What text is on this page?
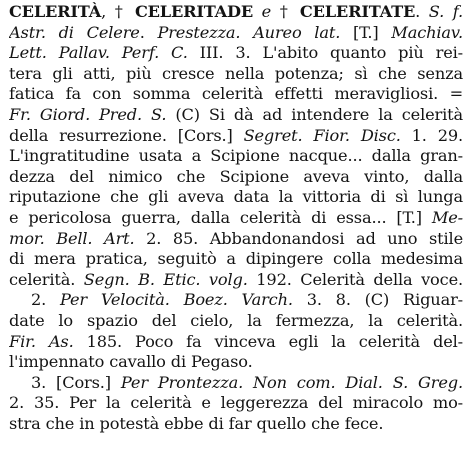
CELERITÀ, † CELERITADE e † CELERITATE. S. f.
Astr. di Celere. Prestezza. Aureo lat. [T.] Machiav.
Lett. Pallav. Perf. C. III. 3. L'abito quanto più rei-
tera gli atti, più cresce nella potenza; sì che senza
fatica fa con somma celerità effetti meravigliosi. =
Fr. Giord. Pred. S. (C) Si dà ad intendere la celerità
della resurrezione. [Cors.] Segret. Fior. Disc. 1. 29.
L'ingratitudine usata a Scipione nacque... dalla gran-
dezza del nimico che Scipione aveva vinto, dalla
riputazione che gli aveva data la vittoria di sì lunga
e pericolosa guerra, dalla celerità di essa... [T.] Me-
mor. Bell. Art. 2. 85. Abbandonandosi ad uno stile
di mera pratica, seguitò a dipingere colla medesima
celerità. Segn. B. Etic. volg. 192. Celerità della voce.
2. Per Velocità. Boez. Varch. 3. 8. (C) Riguar-
date lo spazio del cielo, la fermezza, la celerità.
Fir. As. 185. Poco fa vinceva egli la celerità del-
l'impennato cavallo di Pegaso.
3. [Cors.] Per Prontezza. Non com. Dial. S. Greg.
2. 35. Per la celerità e leggerezza del miracolo mo-
stra che in potestà ebbe di far quello che fece.
